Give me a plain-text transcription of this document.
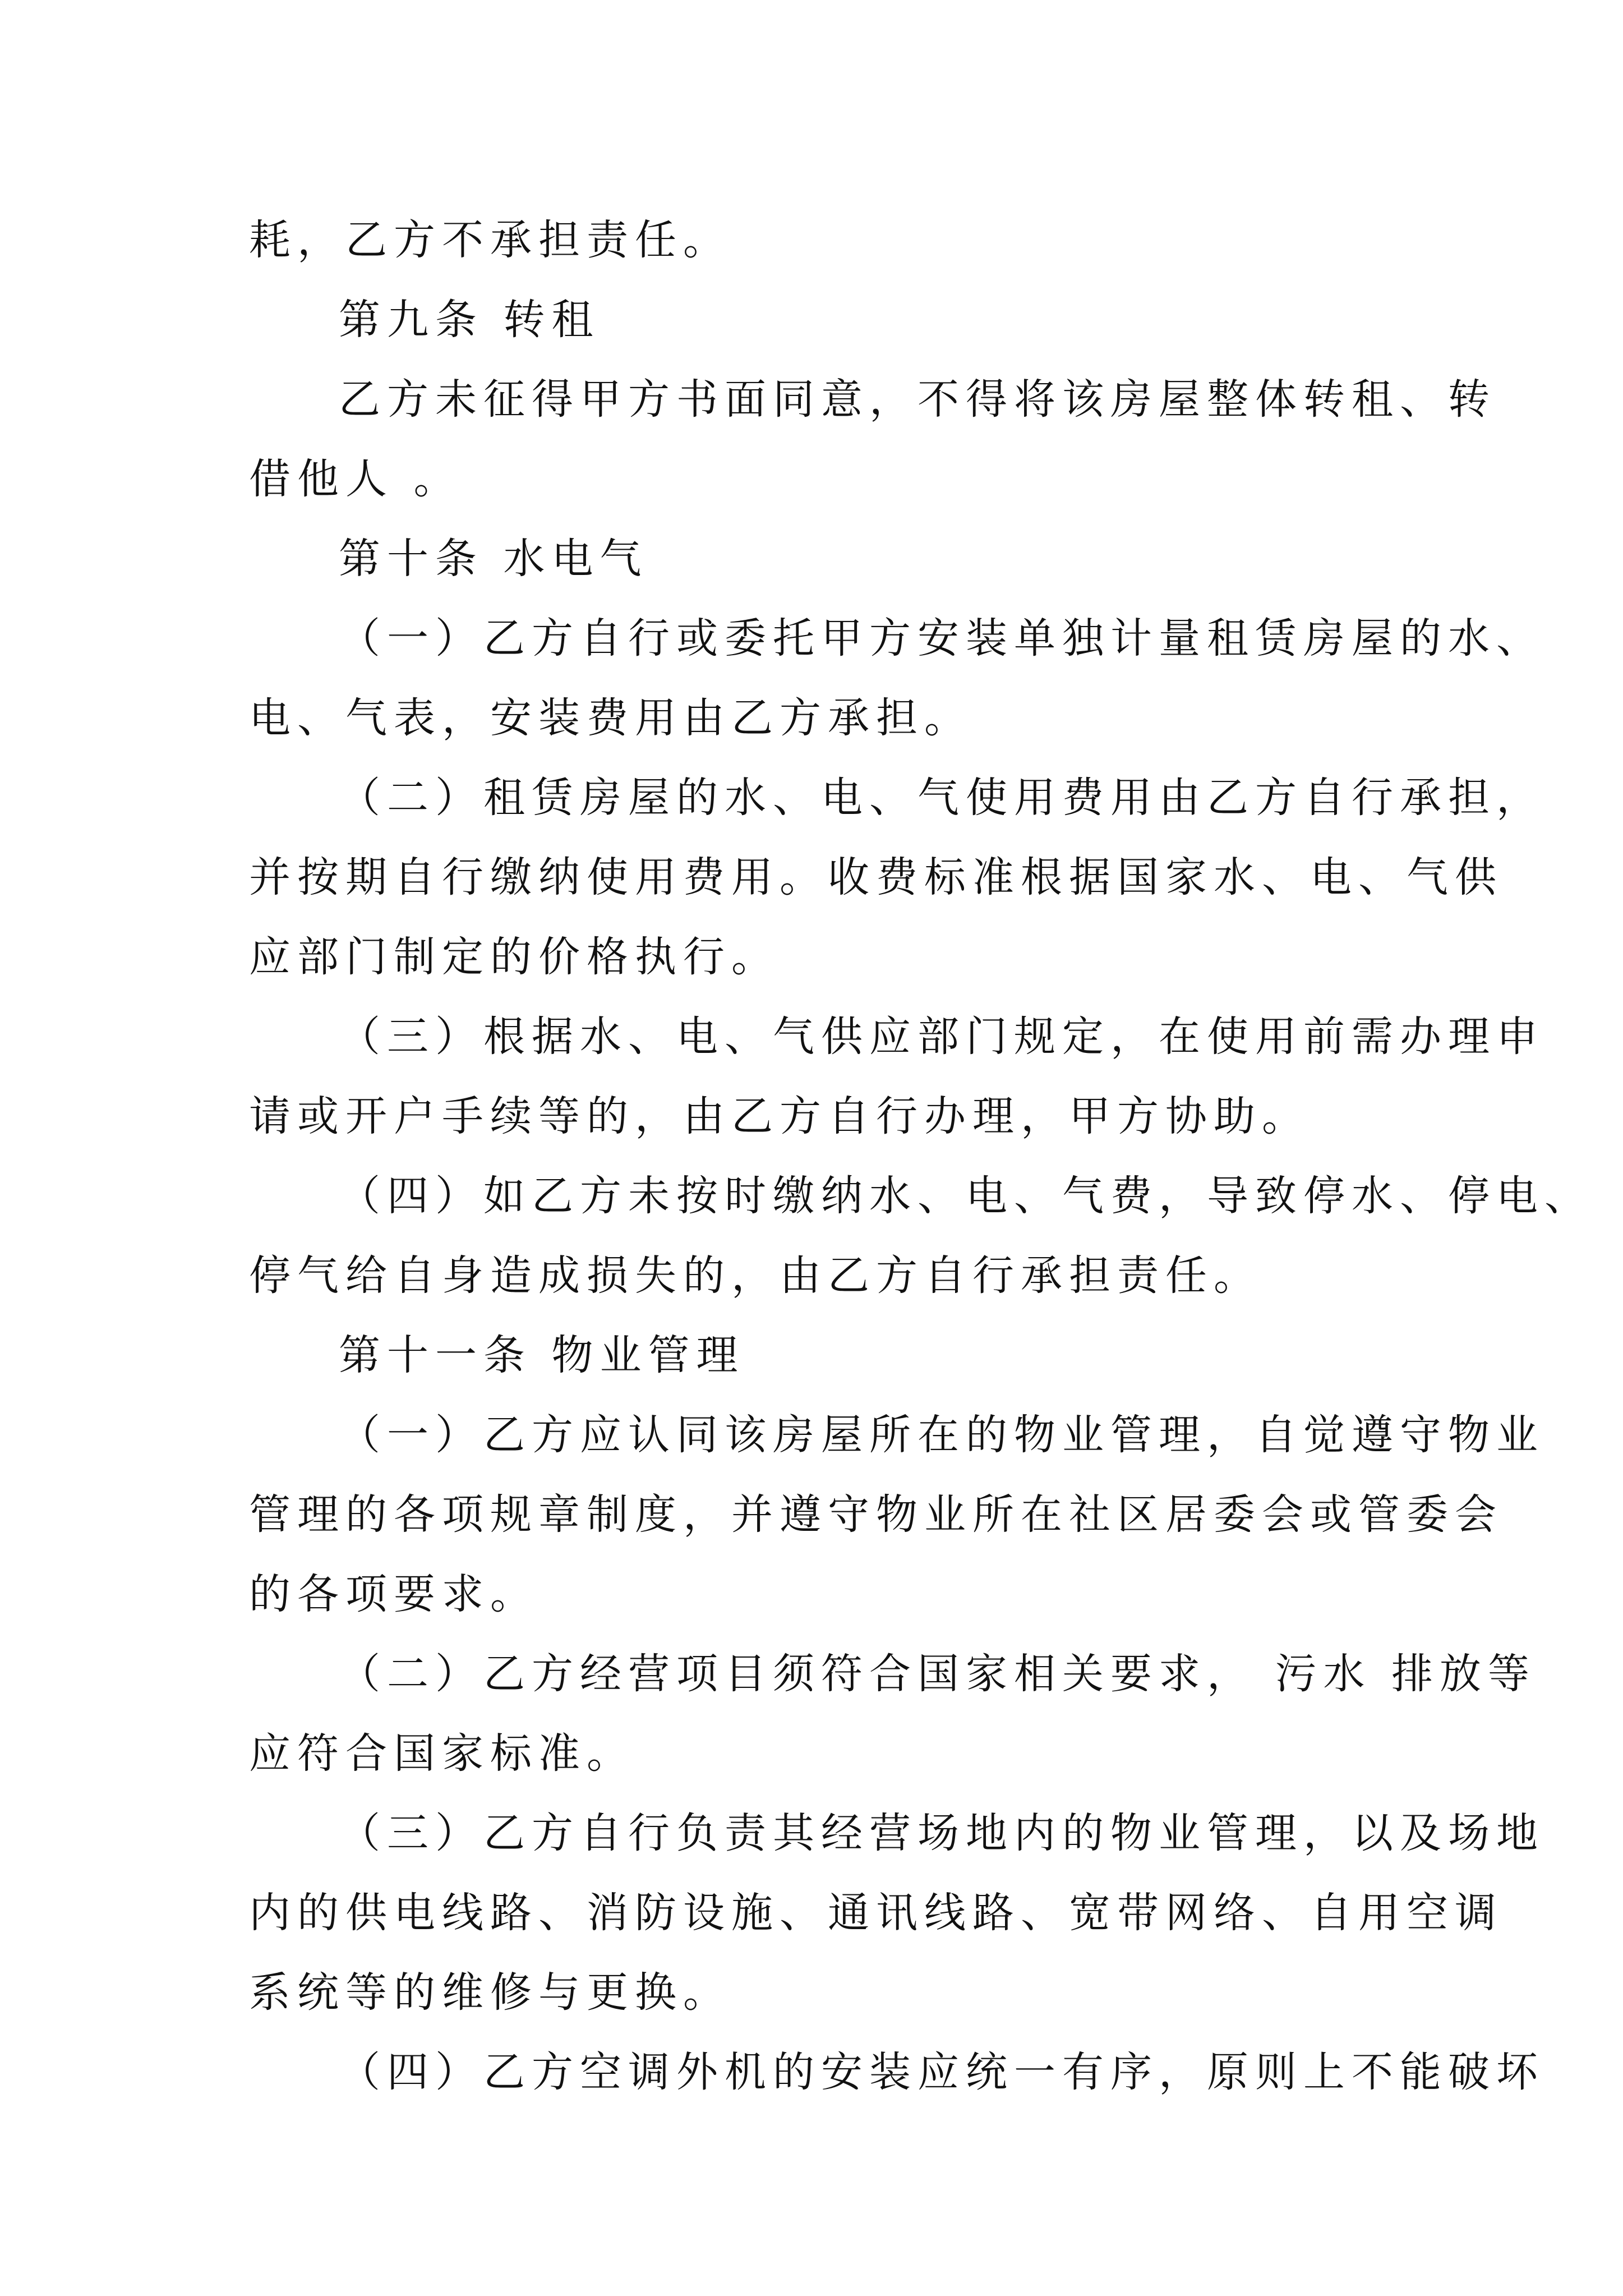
耗，乙方不承担责任。
第九条 转租
乙方未征得甲方书面同意，不得将该房屋整体转租、转
借他人 。
第十条 水电气
（一）乙方自行或委托甲方安装单独计量租赁房屋的水、
电、气表，安装费用由乙方承担。
（二）租赁房屋的水、电、气使用费用由乙方自行承担，
并按期自行缴纳使用费用。收费标准根据国家水、电、气供
应部门制定的价格执行。
（三）根据水、电、气供应部门规定，在使用前需办理申
请或开户手续等的，由乙方自行办理，甲方协助。
（四）如乙方未按时缴纳水、电、气费，导致停水、停电、
停气给自身造成损失的，由乙方自行承担责任。
第十一条 物业管理
（一）乙方应认同该房屋所在的物业管理，自觉遵守物业
管理的各项规章制度，并遵守物业所在社区居委会或管委会
的各项要求。
（二）乙方经营项目须符合国家相关要求， 污水 排放等
应符合国家标准。
（三）乙方自行负责其经营场地内的物业管理，以及场地
内的供电线路、消防设施、通讯线路、宽带网络、自用空调
系统等的维修与更换。
（四）乙方空调外机的安装应统一有序，原则上不能破坏
